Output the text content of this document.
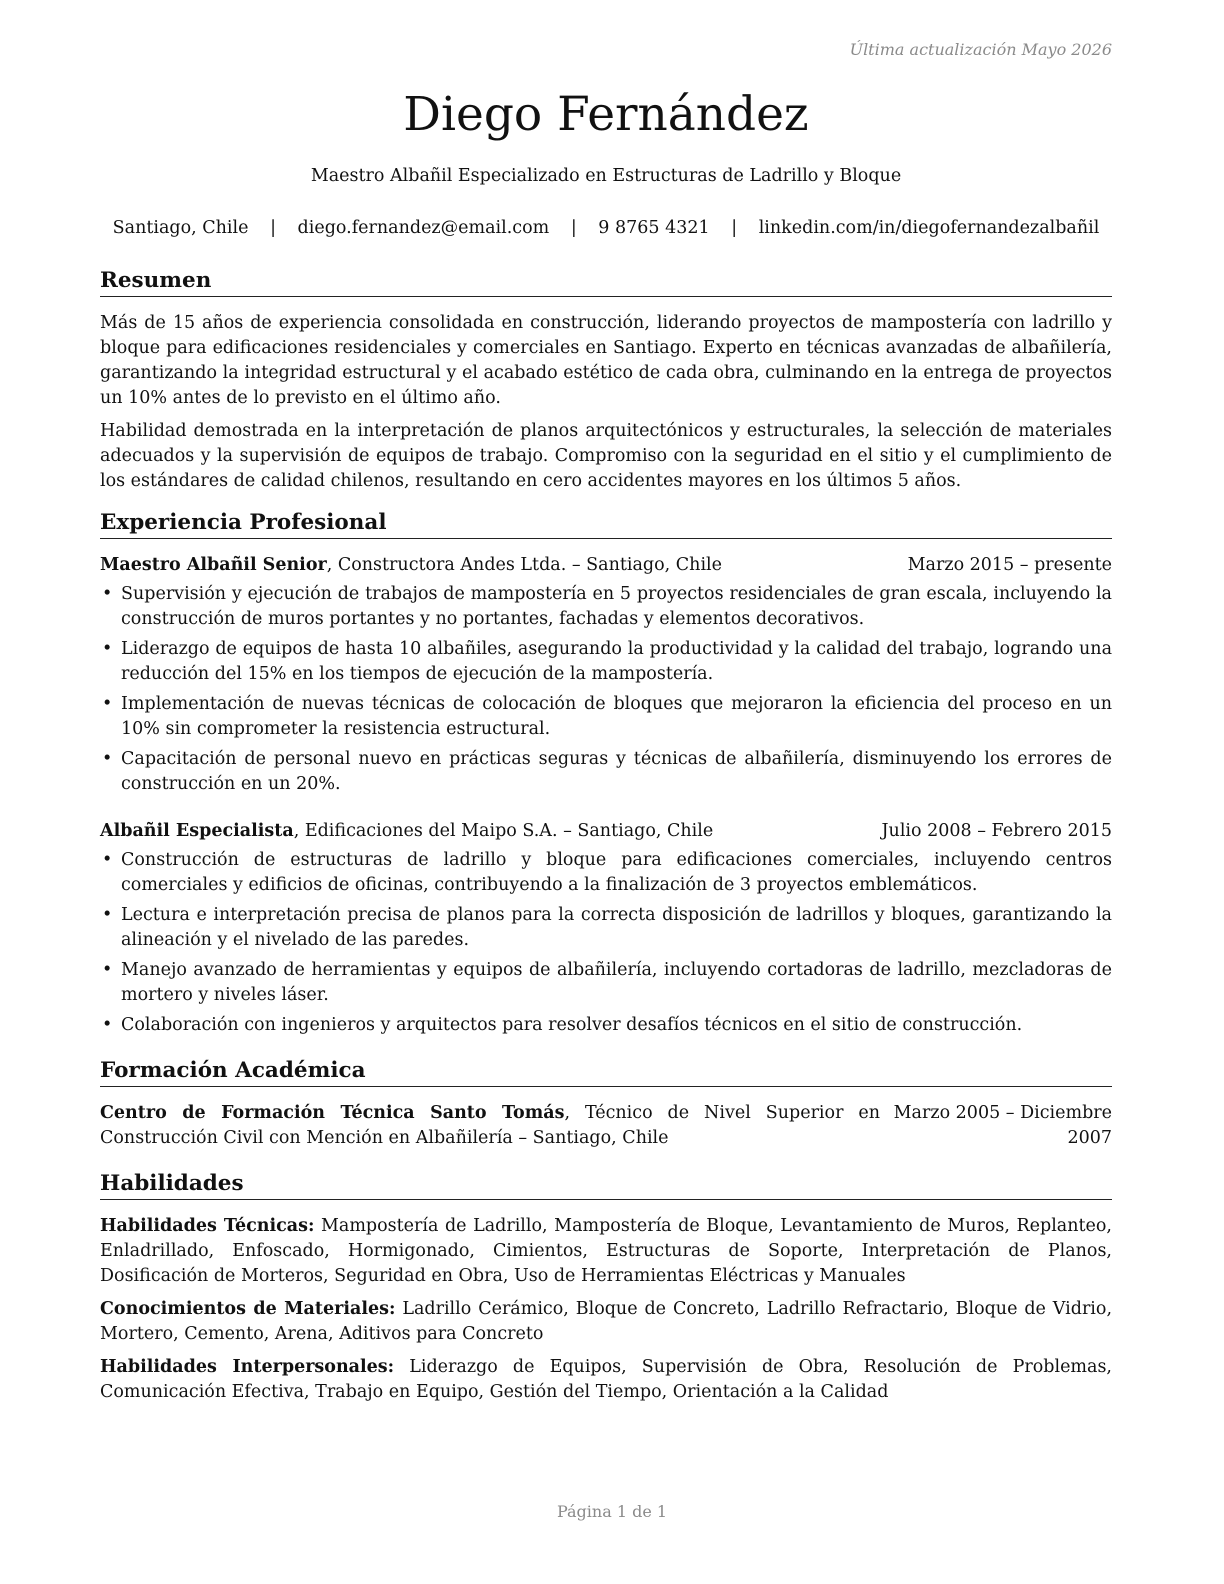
Última actualización Mayo 2026
Diego Fernández
Maestro Albañil Especializado en Estructuras de Ladrillo y Bloque
Santiago, Chile | diego.fernandez@email.com | 9 8765 4321 | linkedin.com/in/diegofernandezalbañil
Resumen

Más de 15 años de experiencia consolidada en construcción, liderando proyectos de mampostería con ladrillo y bloque para edificaciones residenciales y comerciales en Santiago. Experto en técnicas avanzadas de albañilería, garantizando la integridad estructural y el acabado estético de cada obra, culminando en la entrega de proyectos un 10% antes de lo previsto en el último año.

Habilidad demostrada en la interpretación de planos arquitectónicos y estructurales, la selección de materiales adecuados y la supervisión de equipos de trabajo. Compromiso con la seguridad en el sitio y el cumplimiento de los estándares de calidad chilenos, resultando en cero accidentes mayores en los últimos 5 años.

Experiencia Profesional
Maestro Albañil Senior, Constructora Andes Ltda. – Santiago, Chile	Marzo 2015 – presente
• Supervisión y ejecución de trabajos de mampostería en 5 proyectos residenciales de gran escala, incluyendo la construcción de muros portantes y no portantes, fachadas y elementos decorativos.
• Liderazgo de equipos de hasta 10 albañiles, asegurando la productividad y la calidad del trabajo, logrando una reducción del 15% en los tiempos de ejecución de la mampostería.
• Implementación de nuevas técnicas de colocación de bloques que mejoraron la eficiencia del proceso en un 10% sin comprometer la resistencia estructural.
• Capacitación de personal nuevo en prácticas seguras y técnicas de albañilería, disminuyendo los errores de construcción en un 20%.
Albañil Especialista, Edificaciones del Maipo S.A. – Santiago, Chile	Julio 2008 – Febrero 2015
• Construcción de estructuras de ladrillo y bloque para edificaciones comerciales, incluyendo centros comerciales y edificios de oficinas, contribuyendo a la finalización de 3 proyectos emblemáticos.
• Lectura e interpretación precisa de planos para la correcta disposición de ladrillos y bloques, garantizando la alineación y el nivelado de las paredes.
• Manejo avanzado de herramientas y equipos de albañilería, incluyendo cortadoras de ladrillo, mezcladoras de mortero y niveles láser.
• Colaboración con ingenieros y arquitectos para resolver desafíos técnicos en el sitio de construcción.
Formación Académica
Centro de Formación Técnica Santo Tomás, Técnico de Nivel Superior en Construcción Civil con Mención en Albañilería – Santiago, Chile
Marzo 2005 – Diciembre 2007
Habilidades

Habilidades Técnicas: Mampostería de Ladrillo, Mampostería de Bloque, Levantamiento de Muros, Replanteo, Enladrillado, Enfoscado, Hormigonado, Cimientos, Estructuras de Soporte, Interpretación de Planos, Dosificación de Morteros, Seguridad en Obra, Uso de Herramientas Eléctricas y Manuales

Conocimientos de Materiales: Ladrillo Cerámico, Bloque de Concreto, Ladrillo Refractario, Bloque de Vidrio, Mortero, Cemento, Arena, Aditivos para Concreto

Habilidades Interpersonales: Liderazgo de Equipos, Supervisión de Obra, Resolución de Problemas, Comunicación Efectiva, Trabajo en Equipo, Gestión del Tiempo, Orientación a la Calidad

Página 1 de 1
